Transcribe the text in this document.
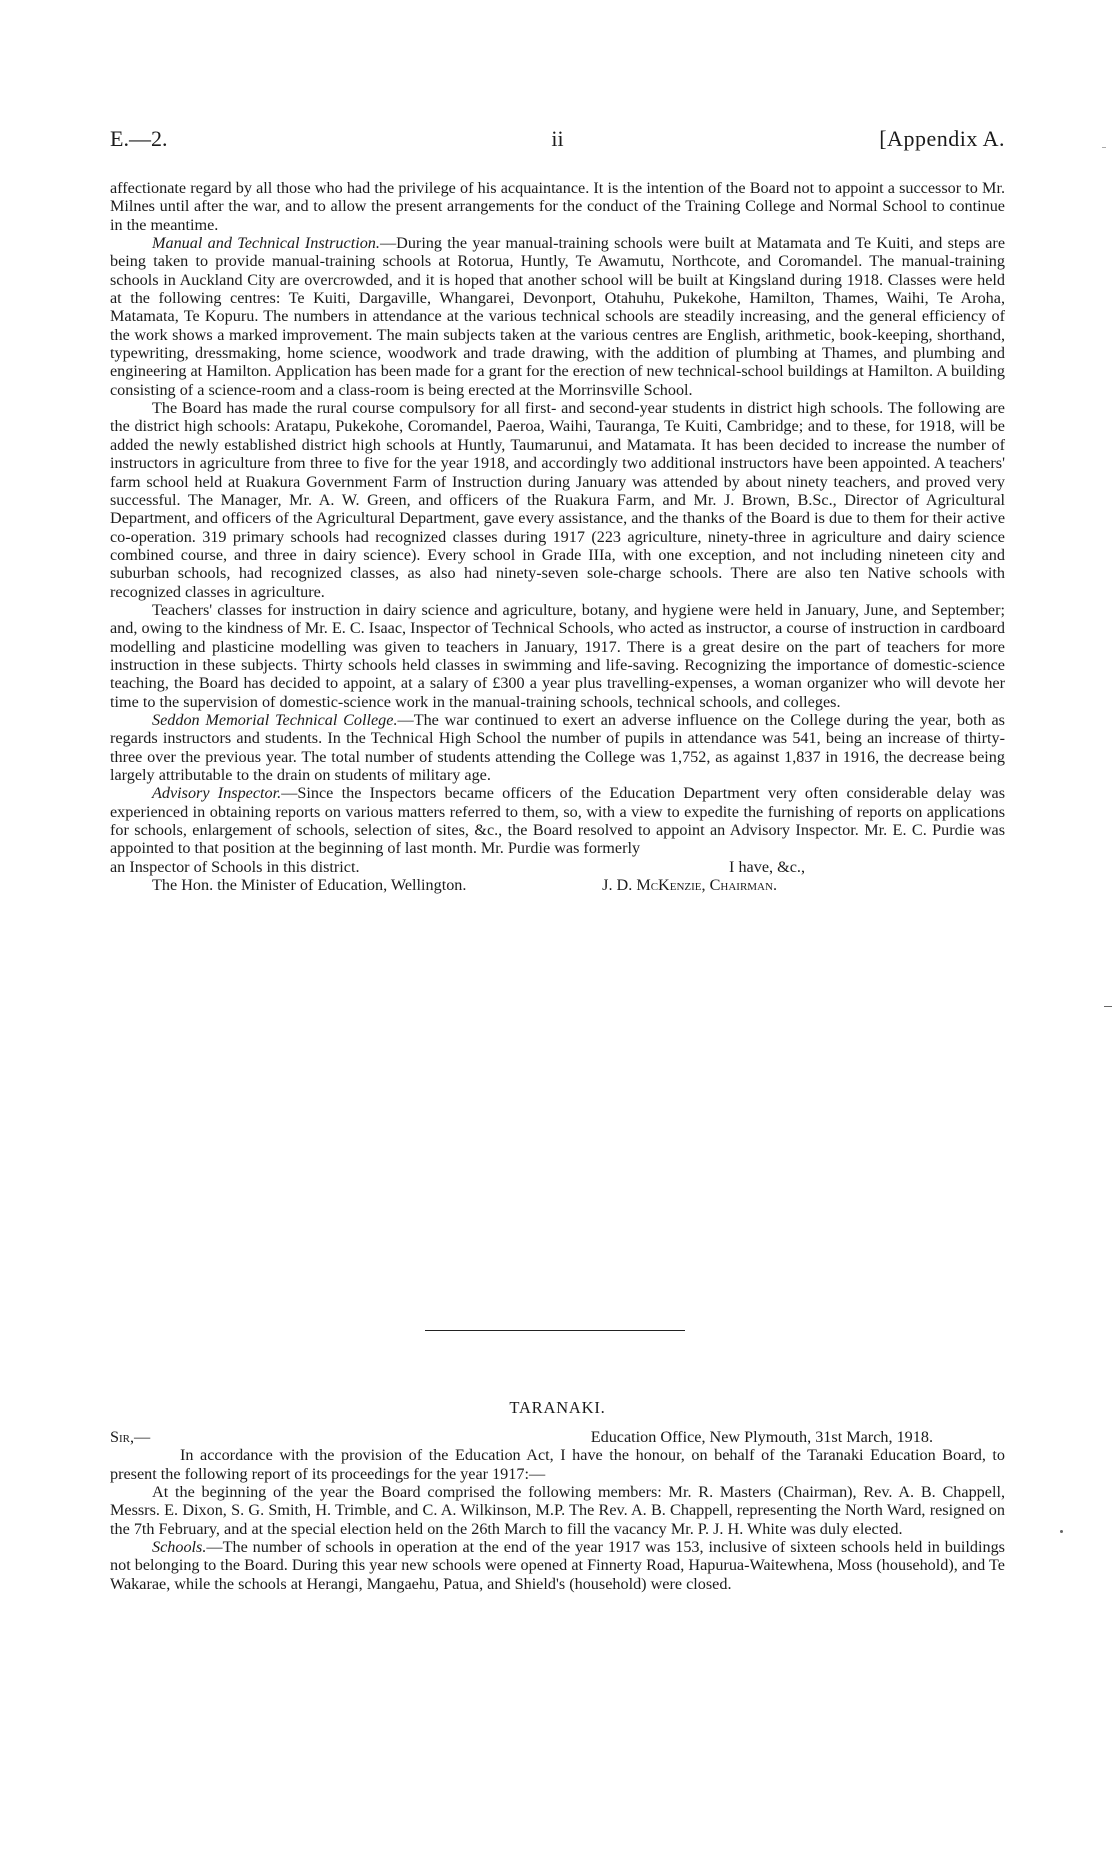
E.—2.	ii	[Appendix A.

affectionate regard by all those who had the privilege of his acquaintance. It is the intention of the Board not to appoint a successor to Mr. Milnes until after the war, and to allow the present arrangements for the conduct of the Training College and Normal School to continue in the meantime.

Manual and Technical Instruction.—During the year manual-training schools were built at Matamata and Te Kuiti, and steps are being taken to provide manual-training schools at Rotorua, Huntly, Te Awamutu, Northcote, and Coromandel. The manual-training schools in Auckland City are overcrowded, and it is hoped that another school will be built at Kingsland during 1918. Classes were held at the following centres: Te Kuiti, Dargaville, Whangarei, Devonport, Otahuhu, Pukekohe, Hamilton, Thames, Waihi, Te Aroha, Matamata, Te Kopuru. The numbers in attendance at the various technical schools are steadily increasing, and the general efficiency of the work shows a marked improvement. The main subjects taken at the various centres are English, arithmetic, book-keeping, shorthand, typewriting, dressmaking, home science, woodwork and trade drawing, with the addition of plumbing at Thames, and plumbing and engineering at Hamilton. Application has been made for a grant for the erection of new technical-school buildings at Hamilton. A building consisting of a science-room and a class-room is being erected at the Morrinsville School.

The Board has made the rural course compulsory for all first- and second-year students in district high schools. The following are the district high schools: Aratapu, Pukekohe, Coromandel, Paeroa, Waihi, Tauranga, Te Kuiti, Cambridge; and to these, for 1918, will be added the newly established district high schools at Huntly, Taumarunui, and Matamata. It has been decided to increase the number of instructors in agriculture from three to five for the year 1918, and accordingly two additional instructors have been appointed. A teachers' farm school held at Ruakura Government Farm of Instruction during January was attended by about ninety teachers, and proved very successful. The Manager, Mr. A. W. Green, and officers of the Ruakura Farm, and Mr. J. Brown, B.Sc., Director of Agricultural Department, and officers of the Agricultural Department, gave every assistance, and the thanks of the Board is due to them for their active co-operation. 319 primary schools had recognized classes during 1917 (223 agriculture, ninety-three in agriculture and dairy science combined course, and three in dairy science). Every school in Grade IIIa, with one exception, and not including nineteen city and suburban schools, had recognized classes, as also had ninety-seven sole-charge schools. There are also ten Native schools with recognized classes in agriculture.

Teachers' classes for instruction in dairy science and agriculture, botany, and hygiene were held in January, June, and September; and, owing to the kindness of Mr. E. C. Isaac, Inspector of Technical Schools, who acted as instructor, a course of instruction in cardboard modelling and plasticine modelling was given to teachers in January, 1917. There is a great desire on the part of teachers for more instruction in these subjects. Thirty schools held classes in swimming and life-saving. Recognizing the importance of domestic-science teaching, the Board has decided to appoint, at a salary of £300 a year plus travelling-expenses, a woman organizer who will devote her time to the supervision of domestic-science work in the manual-training schools, technical schools, and colleges.

Seddon Memorial Technical College.—The war continued to exert an adverse influence on the College during the year, both as regards instructors and students. In the Technical High School the number of pupils in attendance was 541, being an increase of thirty-three over the previous year. The total number of students attending the College was 1,752, as against 1,837 in 1916, the decrease being largely attributable to the drain on students of military age.

Advisory Inspector.—Since the Inspectors became officers of the Education Department very often considerable delay was experienced in obtaining reports on various matters referred to them, so, with a view to expedite the furnishing of reports on applications for schools, enlargement of schools, selection of sites, &c., the Board resolved to appoint an Advisory Inspector. Mr. E. C. Purdie was appointed to that position at the beginning of last month. Mr. Purdie was formerly

an Inspector of Schools in this district.	I have, &c.,
The Hon. the Minister of Education, Wellington.	J. D. McKenzie, Chairman.
TARANAKI.
Sir,—	Education Office, New Plymouth, 31st March, 1918.

In accordance with the provision of the Education Act, I have the honour, on behalf of the Taranaki Education Board, to present the following report of its proceedings for the year 1917:—

At the beginning of the year the Board comprised the following members: Mr. R. Masters (Chairman), Rev. A. B. Chappell, Messrs. E. Dixon, S. G. Smith, H. Trimble, and C. A. Wilkinson, M.P. The Rev. A. B. Chappell, representing the North Ward, resigned on the 7th February, and at the special election held on the 26th March to fill the vacancy Mr. P. J. H. White was duly elected.

Schools.—The number of schools in operation at the end of the year 1917 was 153, inclusive of sixteen schools held in buildings not belonging to the Board. During this year new schools were opened at Finnerty Road, Hapurua-Waitewhena, Moss (household), and Te Wakarae, while the schools at Herangi, Mangaehu, Patua, and Shield's (household) were closed.
